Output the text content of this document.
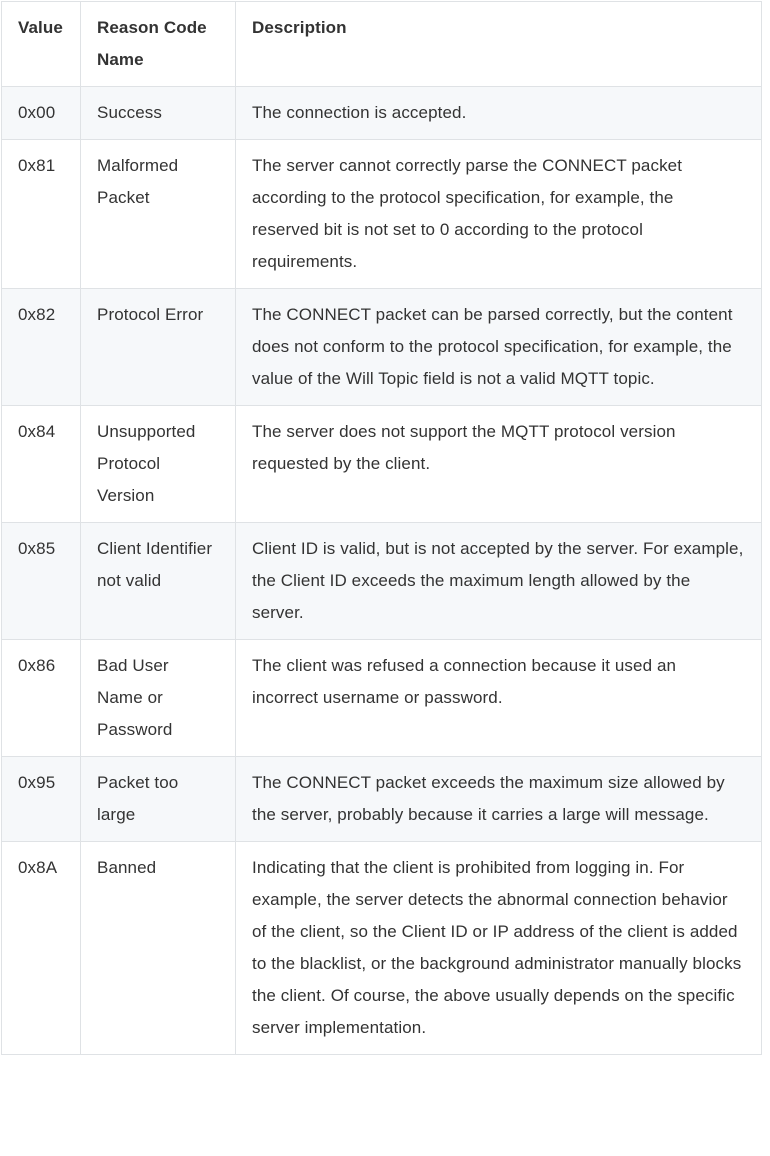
Value	Reason Code Name	Description
0x00	Success	The connection is accepted.
0x81	Malformed Packet	The server cannot correctly parse the CONNECT packet according to the protocol specification, for example, the reserved bit is not set to 0 according to the protocol requirements.
0x82	Protocol Error	The CONNECT packet can be parsed correctly, but the content does not conform to the protocol specification, for example, the value of the Will Topic field is not a valid MQTT topic.
0x84	Unsupported Protocol Version	The server does not support the MQTT protocol version requested by the client.
0x85	Client Identifier not valid	Client ID is valid, but is not accepted by the server. For example, the Client ID exceeds the maximum length allowed by the server.
0x86	Bad User Name or Password	The client was refused a connection because it used an incorrect username or password.
0x95	Packet too large	The CONNECT packet exceeds the maximum size allowed by the server, probably because it carries a large will message.
0x8A	Banned	Indicating that the client is prohibited from logging in. For example, the server detects the abnormal connection behavior of the client, so the Client ID or IP address of the client is added to the blacklist, or the background administrator manually blocks the client. Of course, the above usually depends on the specific server implementation.
